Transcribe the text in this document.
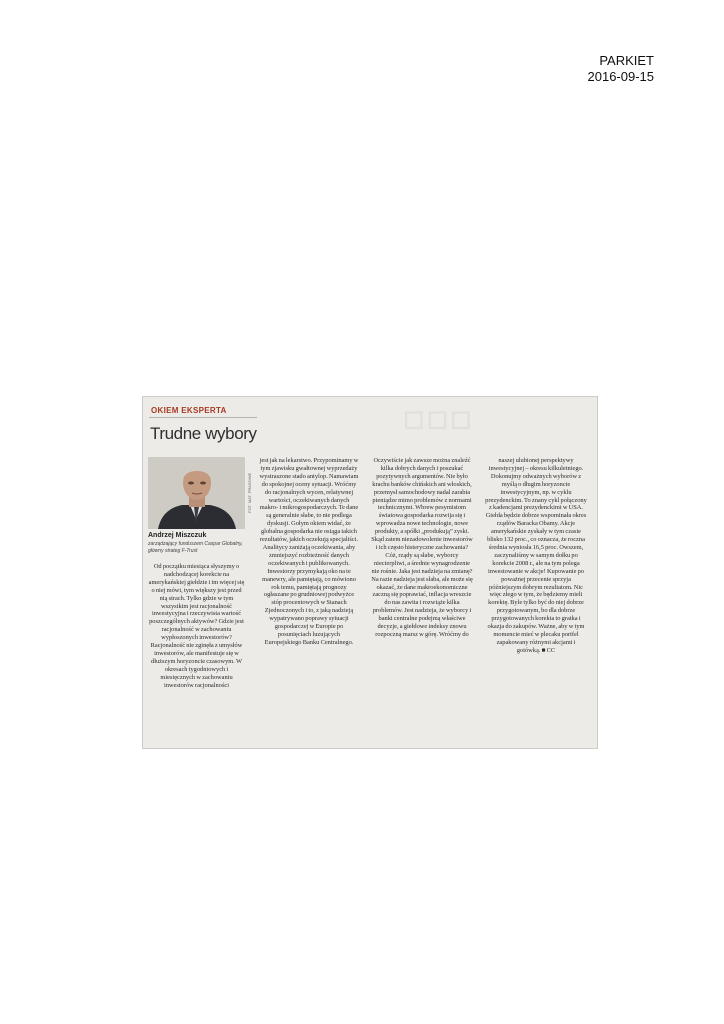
PARKIET
2016-09-15
◻◻◻
OKIEM EKSPERTA
Trudne wybory
FOT. MAT. PRASOWE
Andrzej Miszczuk
zarządzający funduszem Caspar Globalny, główny strateg F-Trust

Od początku miesiąca słyszymy o nadchodzącej korekcie na amerykańskiej giełdzie i im więcej się o niej mówi, tym większy jest przed nią strach. Tylko gdzie w tym wszystkim jest racjonalność inwestycyjna i rzeczywista wartość poszczególnych aktywów? Gdzie jest racjonalność w zachowaniu wypłoszonych inwestorów?

Racjonalność nie zginęła z umysłów inwestorów, ale manifestuje się w dłuższym horyzoncie czasowym. W okresach tygodniowych i miesięcznych w zachowaniu inwestorów racjonalności

jest jak na lekarstwo. Przypominamy w tym zjawisku gwałtownej wyprzedaży wystraszone stado antylop. Namawiam do spokojnej oceny sytuacji. Wróćmy do racjonalnych wycen, relatywnej wartości, oczekiwanych danych makro- i mikrogospodarczych. Te dane są generalnie słabe, to nie podlega dyskusji. Gołym okiem widać, że globalna gospodarka nie osiąga takich rezultatów, jakich oczekują specjaliści. Analitycy zaniżają oczekiwania, aby zmniejszyć rozbieżność danych oczekiwanych i publikowanych. Inwestorzy przymykają oko na te manewry, ale pamiętają, co mówiono rok temu, pamiętają prognozy ogłaszane po grudniowej podwyżce stóp procentowych w Stanach Zjednoczonych i to, z jaką nadzieją wypatrywano poprawy sytuacji gospodarczej w Europie po posunięciach luzujących Europejskiego Banku Centralnego.

Oczywiście jak zawsze można znaleźć kilka dobrych danych i poszukać pozytywnych argumentów. Nie było krachu banków chińskich ani włoskich, przemysł samochodowy nadal zarabia pieniądze mimo problemów z normami technicznymi. Wbrew pesymistom światowa gospodarka rozwija się i wprowadza nowe technologie, nowe produkty, a spółki „produkują” zyski.

Skąd zatem niezadowolenie inwestorów i ich często histeryczne zachowania? Cóż, rządy są słabe, wyborcy niecierpliwi, a średnie wynagrodzenie nie rośnie. Jaka jest nadzieja na zmianę? Na razie nadzieja jest słaba, ale może się okazać, że dane makroekonomiczne zaczną się poprawiać, inflacja wreszcie do nas zawita i rozwiąże kilka problemów. Jest nadzieja, że wyborcy i banki centralne podejmą właściwe decyzje, a giełdowe indeksy znowu rozpoczną marsz w górę. Wróćmy do

naszej ulubionej perspektywy inwestycyjnej – okresu kilkuletniego. Dokonujmy odważnych wyborów z myślą o długim horyzoncie inwestycyjnym, np. w cyklu prezydenckim. To znany cykl połączony z kadencjami prezydenckimi w USA.

Giełda będzie dobrze wspominała okres rządów Baracka Obamy. Akcje amerykańskie zyskały w tym czasie blisko 132 proc., co oznacza, że roczna średnia wyniosła 16,5 proc. Owszem, zaczynaliśmy w samym dołku po korekcie 2008 r., ale na tym polega inwestowanie w akcje! Kupowanie po poważnej przecenie sprzyja późniejszym dobrym rezultatom. Nic więc złego w tym, że będziemy mieli korektę. Byle tylko być do niej dobrze przygotowanym, bo dla dobrze przygotowanych korekta to gratka i okazja do zakupów. Ważne, aby w tym momencie mieć w plecaku portfel zapakowany różnymi akcjami i gotówką. ■ CC
